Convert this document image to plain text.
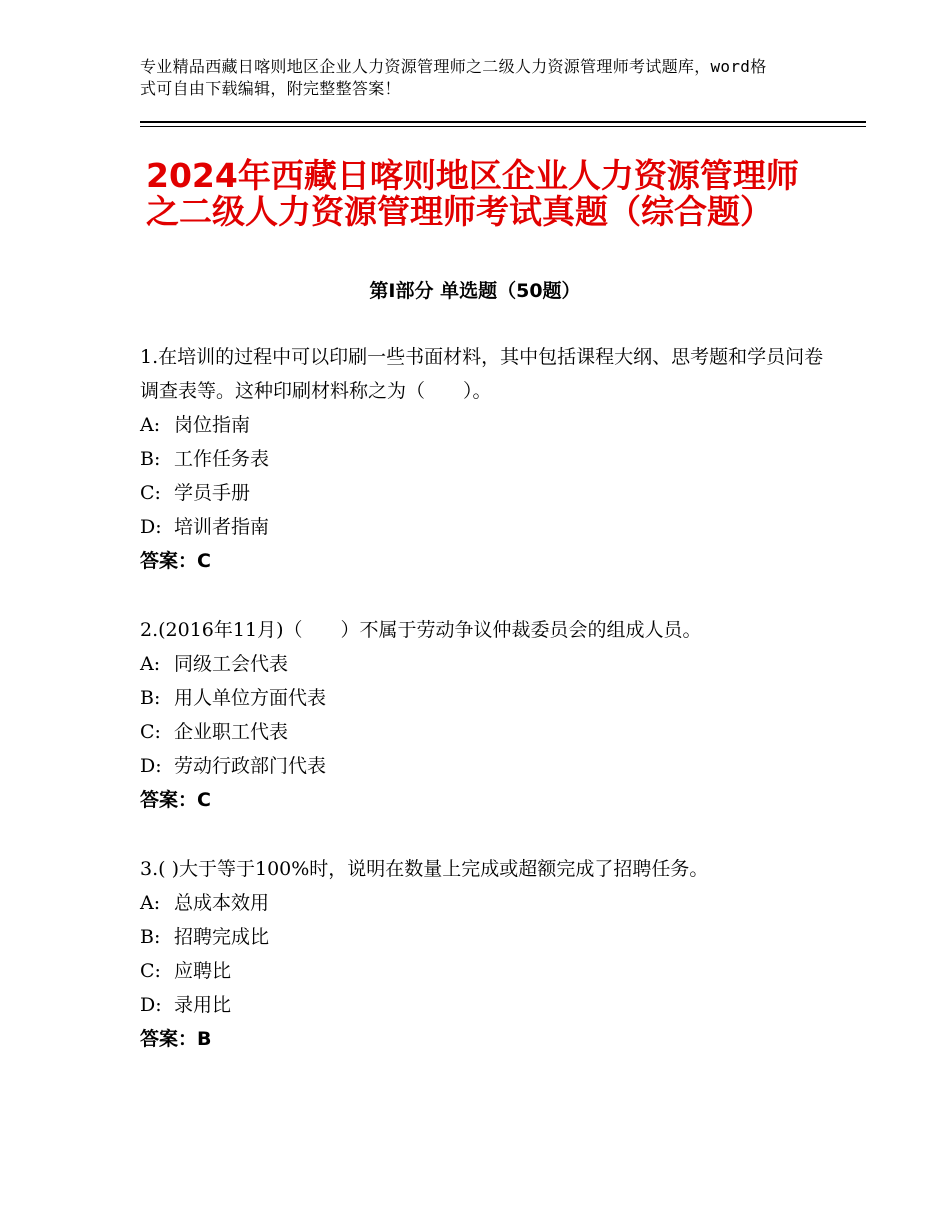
专业精品西藏日喀则地区企业人力资源管理师之二级人力资源管理师考试题库，word格式可自由下载编辑，附完整整答案！
2024年西藏日喀则地区企业人力资源管理师
之二级人力资源管理师考试真题（综合题）
第Ⅰ部分 单选题（50题）
1.在培训的过程中可以印刷一些书面材料，其中包括课程大纲、思考题和学员问卷调查表等。这种印刷材料称之为（　　）。
A: 岗位指南
B: 工作任务表
C: 学员手册
D: 培训者指南
答案：C
2.(2016年11月)（　　）不属于劳动争议仲裁委员会的组成人员。
A: 同级工会代表
B: 用人单位方面代表
C: 企业职工代表
D: 劳动行政部门代表
答案：C
3.( )大于等于100%时，说明在数量上完成或超额完成了招聘任务。
A: 总成本效用
B: 招聘完成比
C: 应聘比
D: 录用比
答案：B
